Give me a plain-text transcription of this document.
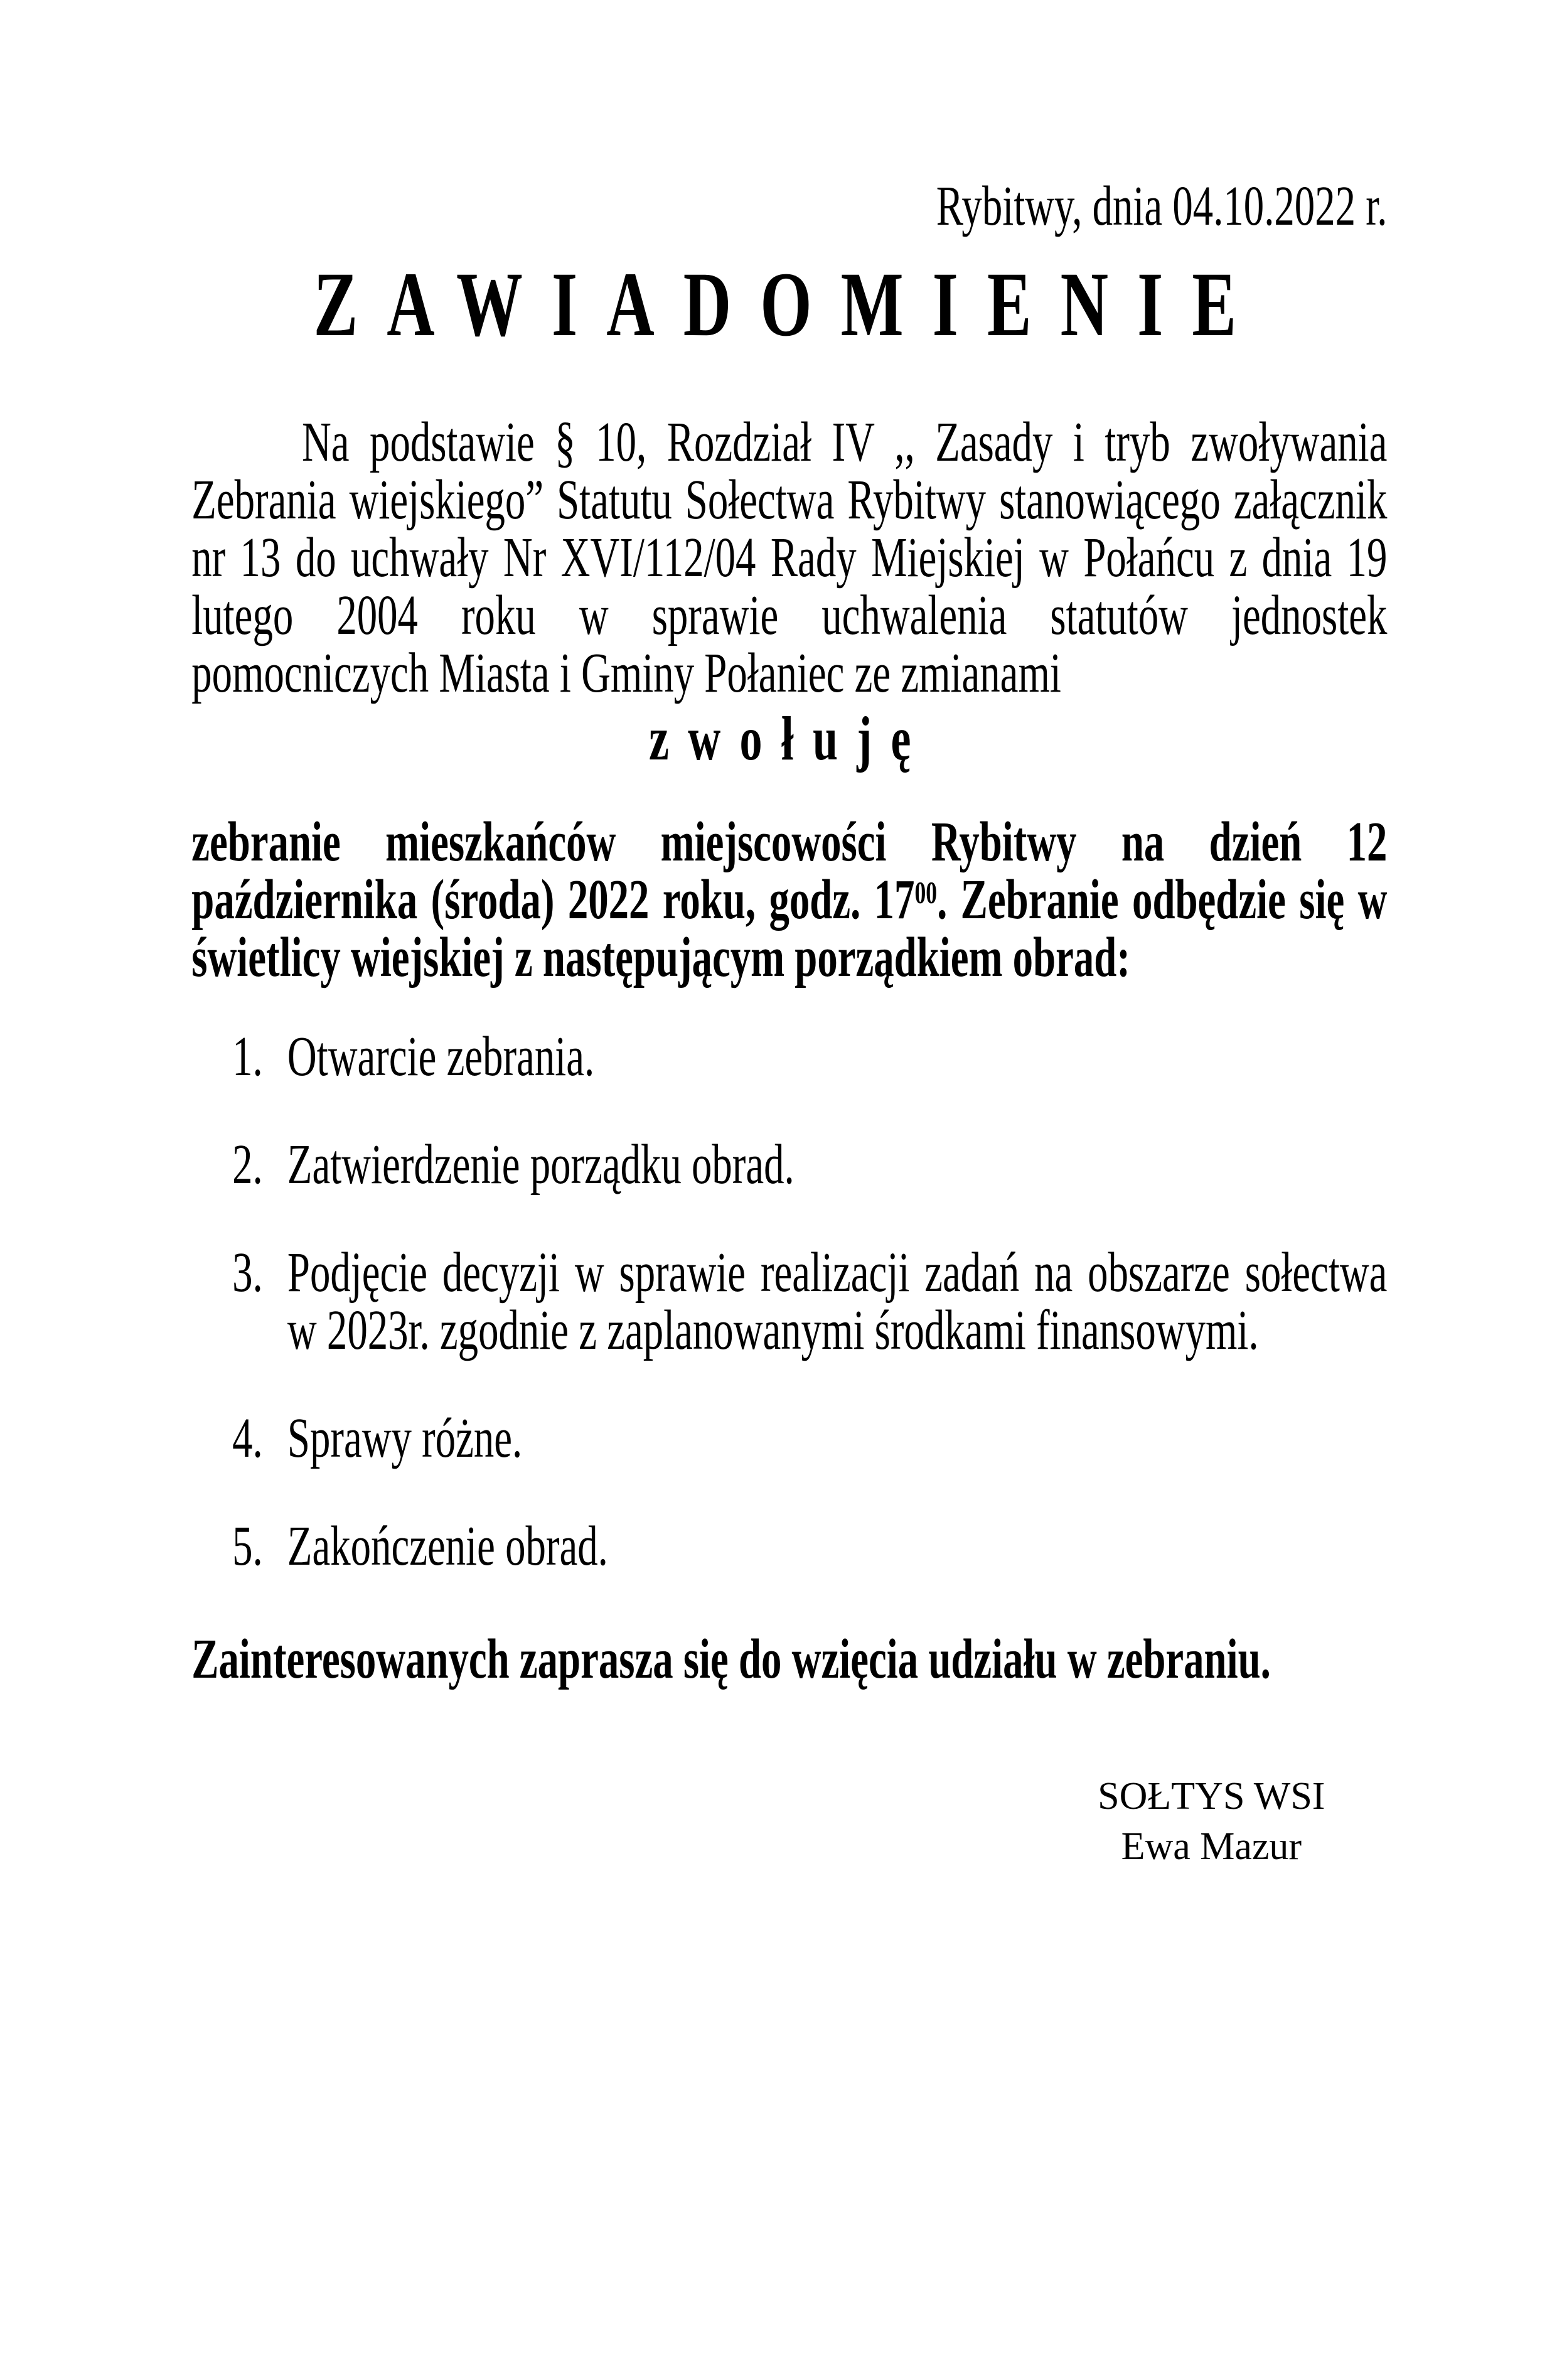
Rybitwy, dnia 04.10.2022 r.
ZAWIADOMIENIE

Na podstawie § 10, Rozdział IV ,, Zasady i tryb zwoływania Zebrania wiejskiego” Statutu Sołectwa Rybitwy stanowiącego załącznik nr 13 do uchwały Nr XVI/112/04 Rady Miejskiej w Połańcu z dnia 19 lutego 2004 roku w sprawie uchwalenia statutów jednostek pomocniczych Miasta i Gminy Połaniec ze zmianami

zwołuję

zebranie mieszkańców miejscowości Rybitwy na dzień 12 października (środa) 2022 roku, godz. $17^{00}$. Zebranie odbędzie się w świetlicy wiejskiej z następującym porządkiem obrad:

1. Otwarcie zebrania.
2. Zatwierdzenie porządku obrad.
3. Podjęcie decyzji w sprawie realizacji zadań na obszarze sołectwa w 2023r. zgodnie z zaplanowanymi środkami finansowymi.
4. Sprawy różne.
5. Zakończenie obrad.

Zainteresowanych zaprasza się do wzięcia udziału w zebraniu.

SOŁTYS WSI
Ewa Mazur
